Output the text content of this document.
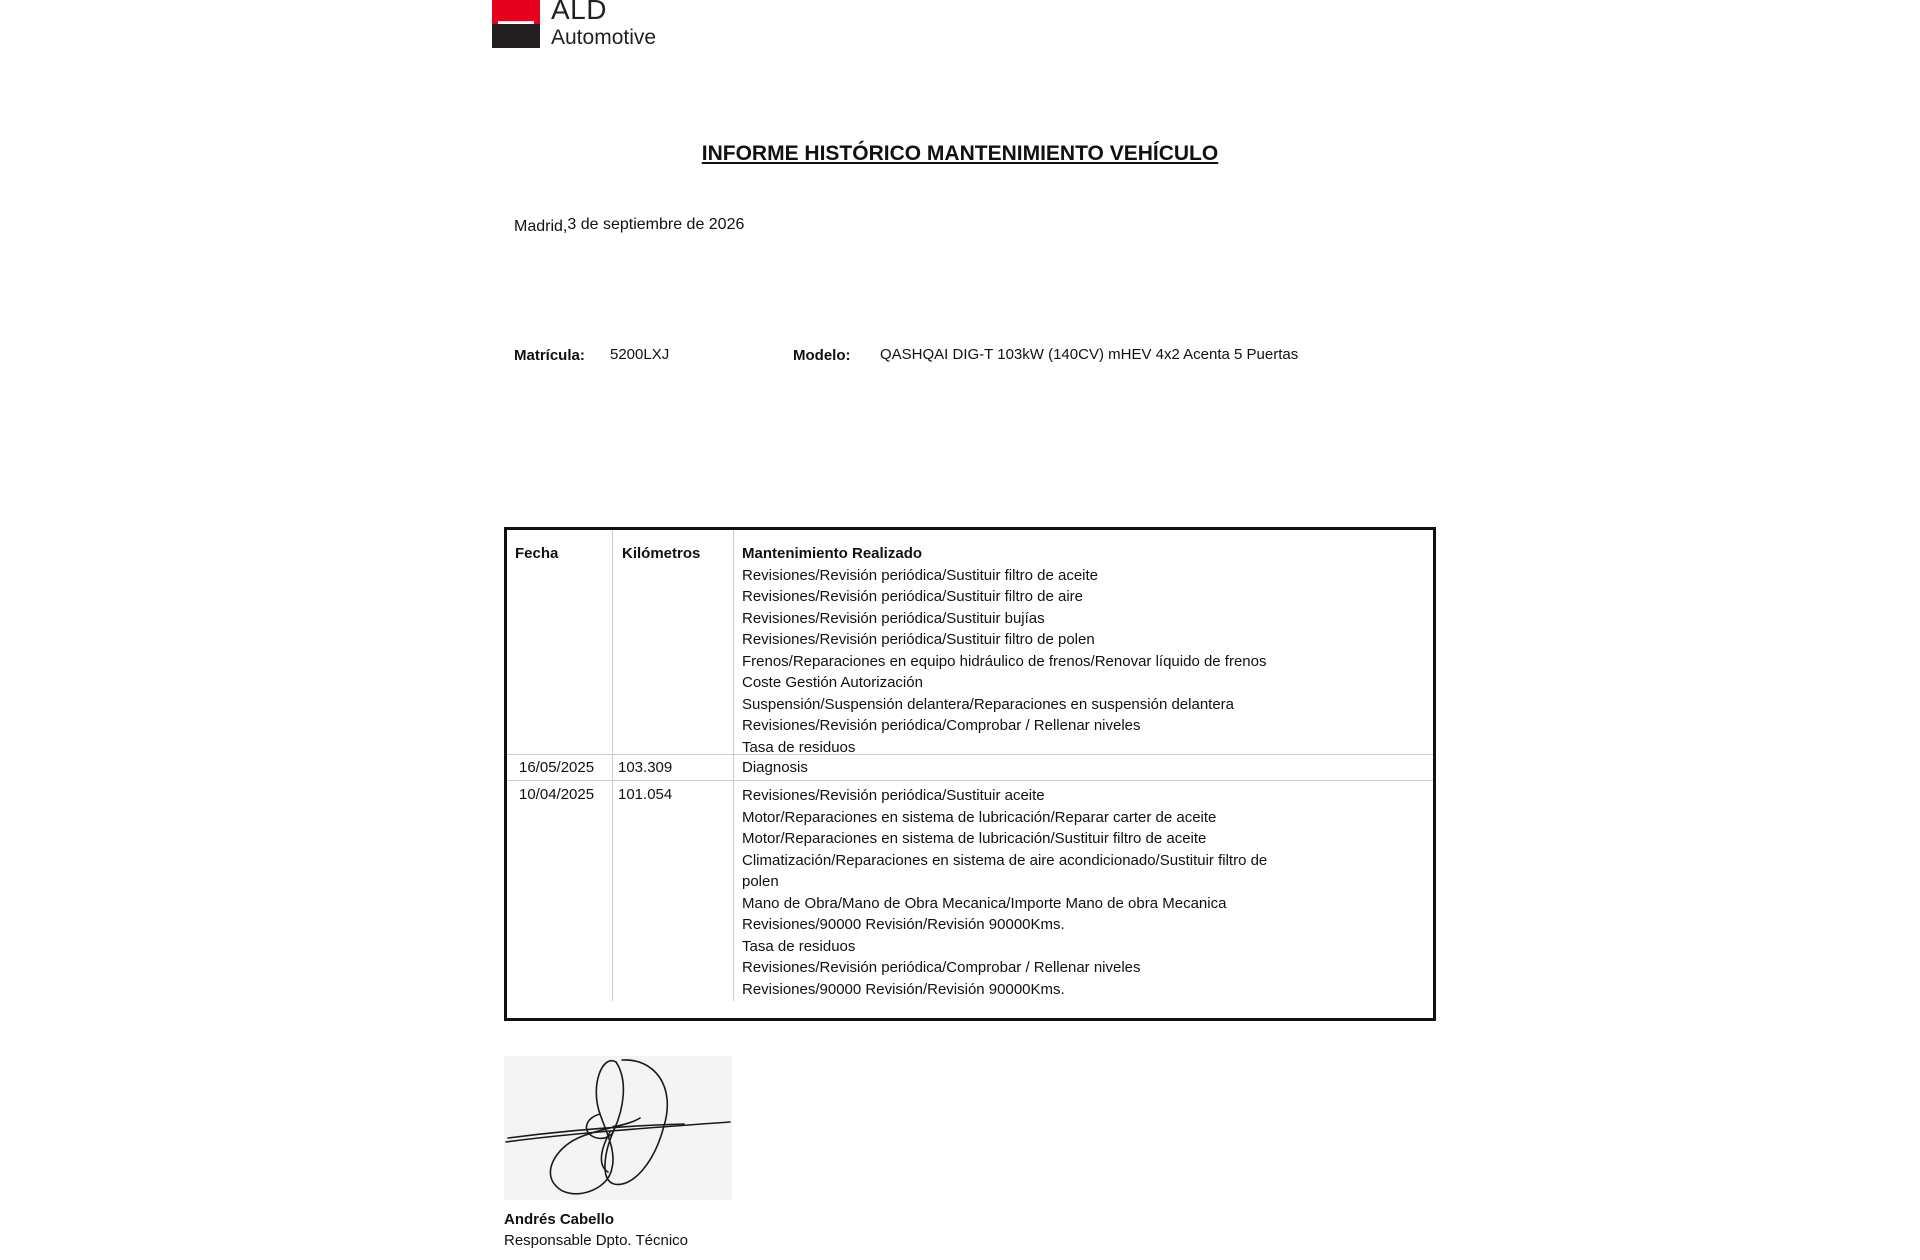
ALD
Automotive
INFORME HISTÓRICO MANTENIMIENTO VEHÍCULO
Madrid,3 de septiembre de 2026
Matrícula: 5200LXJ	Modelo: QASHQAI DIG-T 103kW (140CV) mHEV 4x2 Acenta 5 Puertas
Fecha	Kilómetros	Mantenimiento Realizado
Revisiones/Revisión periódica/Sustituir filtro de aceite
Revisiones/Revisión periódica/Sustituir filtro de aire
Revisiones/Revisión periódica/Sustituir bujías
Revisiones/Revisión periódica/Sustituir filtro de polen
Frenos/Reparaciones en equipo hidráulico de frenos/Renovar líquido de frenos
Coste Gestión Autorización
Suspensión/Suspensión delantera/Reparaciones en suspensión delantera
Revisiones/Revisión periódica/Comprobar / Rellenar niveles
Tasa de residuos
16/05/2025 103.309	Diagnosis
10/04/2025 101.054	Revisiones/Revisión periódica/Sustituir aceite
Motor/Reparaciones en sistema de lubricación/Reparar carter de aceite
Motor/Reparaciones en sistema de lubricación/Sustituir filtro de aceite
Climatización/Reparaciones en sistema de aire acondicionado/Sustituir filtro de
polen
Mano de Obra/Mano de Obra Mecanica/Importe Mano de obra Mecanica
Revisiones/90000 Revisión/Revisión 90000Kms.
Tasa de residuos
Revisiones/Revisión periódica/Comprobar / Rellenar niveles
Revisiones/90000 Revisión/Revisión 90000Kms.
Andrés Cabello
Responsable Dpto. Técnico
